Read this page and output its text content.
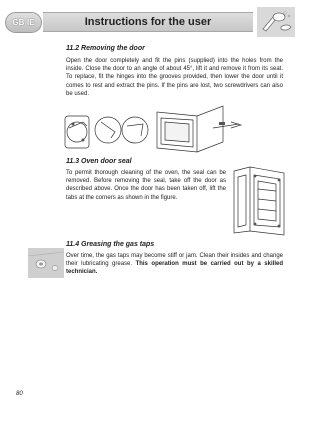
GB-IE	Instructions for the user
11.2 Removing the door
Open the door completely and fit the pins (supplied) into the holes from the inside. Close the door to an angle of about 45°, lift it and remove it from its seat. To replace, fit the hinges into the grooves provided, then lower the door until it comes to rest and extract the pins. If the pins are lost, two screwdrivers can also be used.
11.3 Oven door seal
To permit thorough cleaning of the oven, the seal can be removed. Before removing the seal, take off the door as described above. Once the door has been taken off, lift the tabs at the corners as shown in the figure.
11.4 Greasing the gas taps
Over time, the gas taps may become stiff or jam. Clean their insides and change their lubricating grease. This operation must be carried out by a skilled technician.
80
